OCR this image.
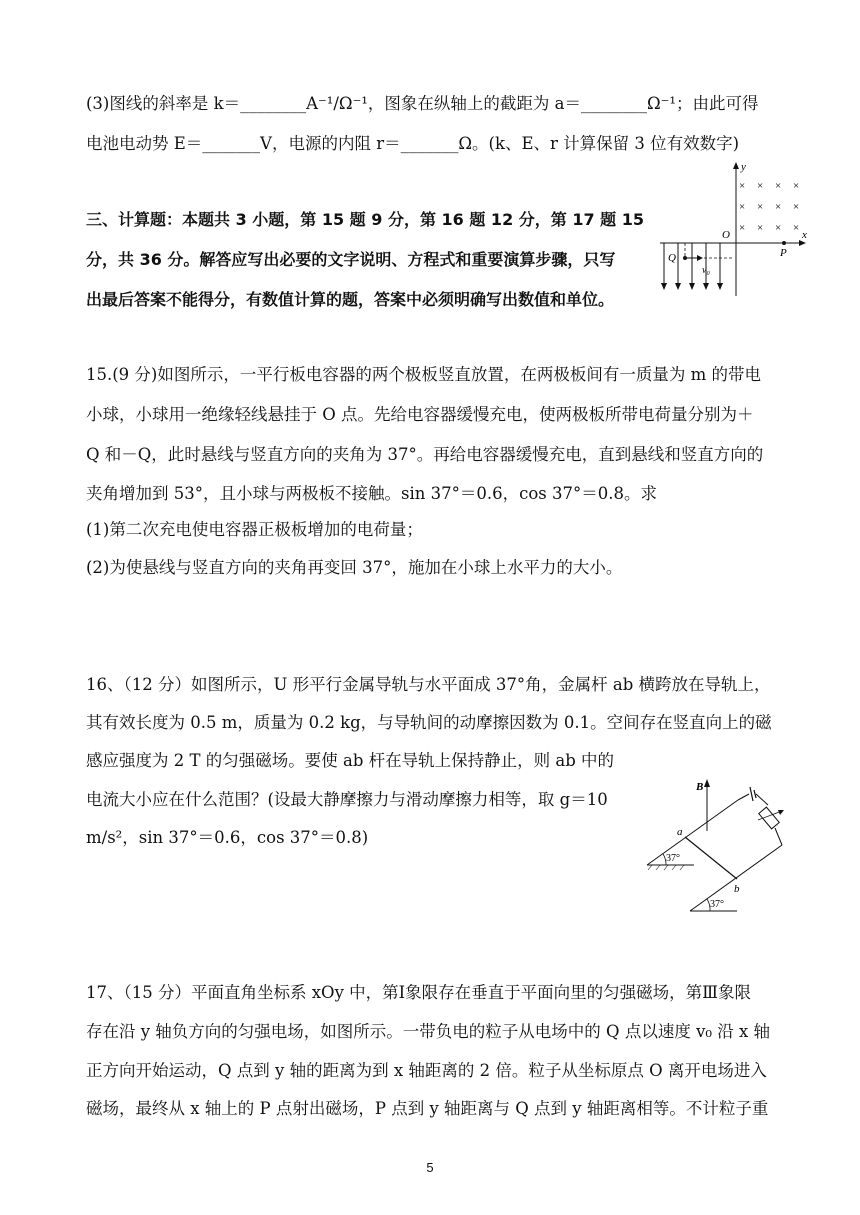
(3)图线的斜率是 k＝________A⁻¹/Ω⁻¹，图象在纵轴上的截距为 a＝________Ω⁻¹；由此可得
电池电动势 E＝_______V，电源的内阻 r＝_______Ω。(k、E、r 计算保留 3 位有效数字)
三、计算题：本题共 3 小题，第 15 题 9 分，第 16 题 12 分，第 17 题 15
分，共 36 分。解答应写出必要的文字说明、方程式和重要演算步骤，只写
出最后答案不能得分，有数值计算的题，答案中必须明确写出数值和单位。
y
x
O
× × × ×
× × × ×
× × × ×
P
Q
v₀
15.(9 分)如图所示，一平行板电容器的两个极板竖直放置，在两极板间有一质量为 m 的带电
小球，小球用一绝缘轻线悬挂于 O 点。先给电容器缓慢充电，使两极板所带电荷量分别为＋
Q 和－Q，此时悬线与竖直方向的夹角为 37°。再给电容器缓慢充电，直到悬线和竖直方向的
夹角增加到 53°，且小球与两极板不接触。sin 37°＝0.6，cos 37°＝0.8。求
(1)第二次充电使电容器正极板增加的电荷量；
(2)为使悬线与竖直方向的夹角再变回 37°，施加在小球上水平力的大小。
16、（12 分）如图所示，U 形平行金属导轨与水平面成 37°角，金属杆 ab 横跨放在导轨上，
其有效长度为 0.5 m，质量为 0.2 kg，与导轨间的动摩擦因数为 0.1。空间存在竖直向上的磁
感应强度为 2 T 的匀强磁场。要使 ab 杆在导轨上保持静止，则 ab 中的
电流大小应在什么范围？(设最大静摩擦力与滑动摩擦力相等，取 g＝10
m/s²，sin 37°＝0.6，cos 37°＝0.8)
B
37°
37°
a
b
17、（15 分）平面直角坐标系 xOy 中，第Ⅰ象限存在垂直于平面向里的匀强磁场，第Ⅲ象限
存在沿 y 轴负方向的匀强电场，如图所示。一带负电的粒子从电场中的 Q 点以速度 v₀ 沿 x 轴
正方向开始运动，Q 点到 y 轴的距离为到 x 轴距离的 2 倍。粒子从坐标原点 O 离开电场进入
磁场，最终从 x 轴上的 P 点射出磁场，P 点到 y 轴距离与 Q 点到 y 轴距离相等。不计粒子重
5
